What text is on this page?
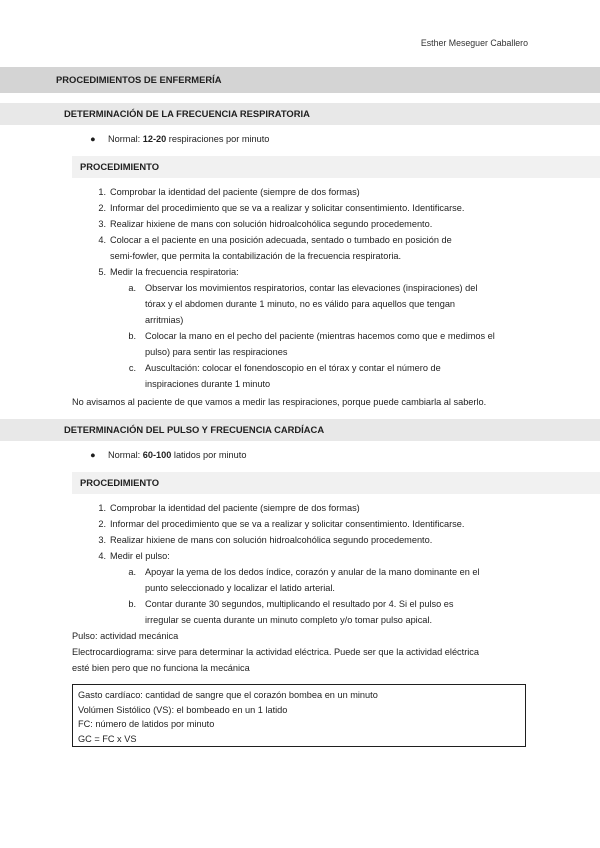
Esther Meseguer Caballero
PROCEDIMIENTOS DE ENFERMERÍA
DETERMINACIÓN DE LA FRECUENCIA RESPIRATORIA
● Normal: 12-20 respiraciones por minuto
PROCEDIMIENTO
1. Comprobar la identidad del paciente (siempre de dos formas)
2. Informar del procedimiento que se va a realizar y solicitar consentimiento. Identificarse.
3. Realizar hixiene de mans con solución hidroalcohólica segundo procedemento.
4. Colocar a el paciente en una posición adecuada, sentado o tumbado en posición de
semi-fowler, que permita la contabilización de la frecuencia respiratoria.
5. Medir la frecuencia respiratoria:
a. Observar los movimientos respiratorios, contar las elevaciones (inspiraciones) del
tórax y el abdomen durante 1 minuto, no es válido para aquellos que tengan
arritmias)
b. Colocar la mano en el pecho del paciente (mientras hacemos como que e medimos el
pulso) para sentir las respiraciones
c. Auscultación: colocar el fonendoscopio en el tórax y contar el número de
inspiraciones durante 1 minuto
No avisamos al paciente de que vamos a medir las respiraciones, porque puede cambiarla al saberlo.
DETERMINACIÓN DEL PULSO Y FRECUENCIA CARDÍACA
● Normal: 60-100 latidos por minuto
PROCEDIMIENTO
1. Comprobar la identidad del paciente (siempre de dos formas)
2. Informar del procedimiento que se va a realizar y solicitar consentimiento. Identificarse.
3. Realizar hixiene de mans con solución hidroalcohólica segundo procedemento.
4. Medir el pulso:
a. Apoyar la yema de los dedos índice, corazón y anular de la mano dominante en el
punto seleccionado y localizar el latido arterial.
b. Contar durante 30 segundos, multiplicando el resultado por 4. Si el pulso es
irregular se cuenta durante un minuto completo y/o tomar pulso apical.
Pulso: actividad mecánica
Electrocardiograma: sirve para determinar la actividad eléctrica. Puede ser que la actividad eléctrica
esté bien pero que no funciona la mecánica
Gasto cardíaco: cantidad de sangre que el corazón bombea en un minuto
Volúmen Sistólico (VS): el bombeado en un 1 latido
FC: número de latidos por minuto
GC = FC x VS
